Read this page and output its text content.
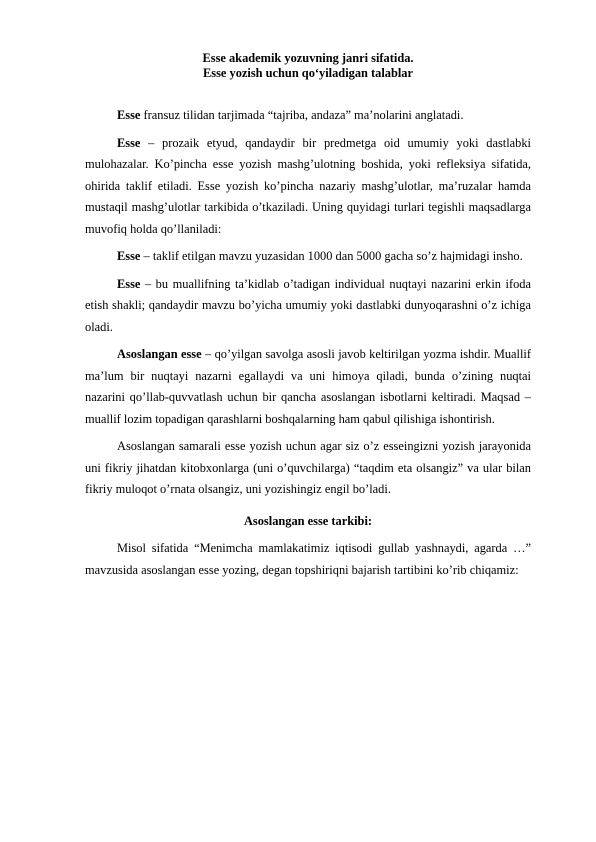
Esse akademik yozuvning janri sifatida.

Esse yozish uchun qo‘yiladigan talablar

Esse fransuz tilidan tarjimada “tajriba, andaza” ma’nolarini anglatadi.

Esse – prozaik etyud, qandaydir bir predmetga oid umumiy yoki dastlabki mulohazalar. Ko’pincha esse yozish mashg’ulotning boshida, yoki refleksiya sifatida, ohirida taklif etiladi. Esse yozish ko’pincha nazariy mashg’ulotlar, ma’ruzalar hamda mustaqil mashg’ulotlar tarkibida o’tkaziladi. Uning quyidagi turlari tegishli maqsadlarga muvofiq holda qo’llaniladi:

Esse – taklif etilgan mavzu yuzasidan 1000 dan 5000 gacha so’z hajmidagi insho.

Esse – bu muallifning ta’kidlab o’tadigan individual nuqtayi nazarini erkin ifoda etish shakli; qandaydir mavzu bo’yicha umumiy yoki dastlabki dunyoqarashni o’z ichiga oladi.

Asoslangan esse – qo’yilgan savolga asosli javob keltirilgan yozma ishdir. Muallif ma’lum bir nuqtayi nazarni egallaydi va uni himoya qiladi, bunda o’zining nuqtai nazarini qo’llab-quvvatlash uchun bir qancha asoslangan isbotlarni keltiradi. Maqsad – muallif lozim topadigan qarashlarni boshqalarning ham qabul qilishiga ishontirish.

Asoslangan samarali esse yozish uchun agar siz o’z esseingizni yozish jarayonida uni fikriy jihatdan kitobxonlarga (uni o’quvchilarga) “taqdim eta olsangiz” va ular bilan fikriy muloqot o’rnata olsangiz, uni yozishingiz engil bo’ladi.

Asoslangan esse tarkibi:

Misol sifatida “Menimcha mamlakatimiz iqtisodi gullab yashnaydi, agarda …” mavzusida asoslangan esse yozing, degan topshiriqni bajarish tartibini ko’rib chiqamiz:
